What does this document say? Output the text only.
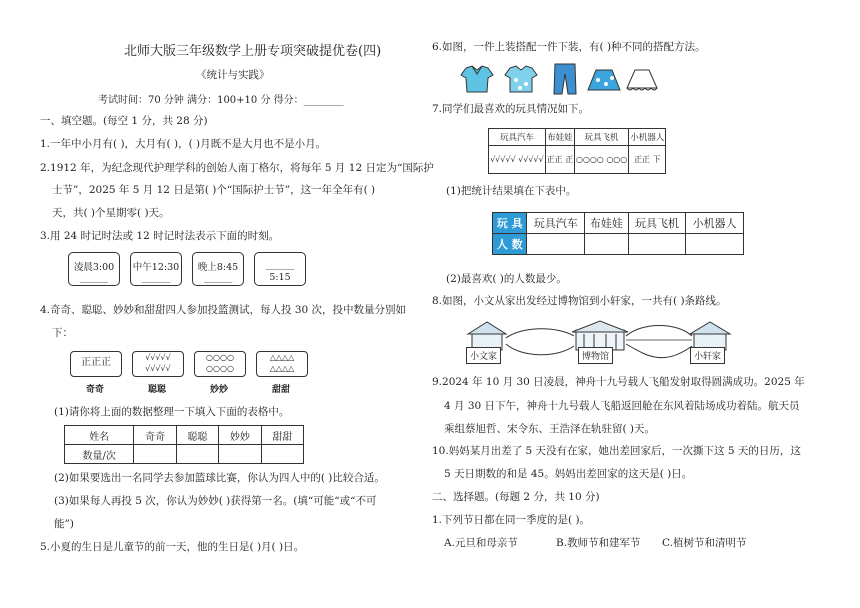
北师大版三年级数学上册专项突破提优卷(四)
《统计与实践》
考试时间：70 分钟 满分：100+10 分 得分：________
一、填空题。(每空 1 分，共 28 分)
1.一年中小月有( )，大月有( )，( )月既不是大月也不是小月。
2.1912 年，为纪念现代护理学科的创始人南丁格尔，将每年 5 月 12 日定为“国际护
士节”，2025 年 5 月 12 日是第( )个“国际护士节”，这一年全年有( )
天，共( )个星期零( )天。
3.用 24 时记时法或 12 时记时法表示下面的时刻。
凌晨3:00
______
中午12:30
______
晚上8:45
______
______
5:15
4.奇奇、聪聪、妙妙和甜甜四人参加投篮测试，每人投 30 次，投中数量分别如
下：
正正正	√√√√√ √√√√√
○○○○ ○○○○
△△△△ △△△△
奇奇	聪聪	妙妙	甜甜
(1)请你将上面的数据整理一下填入下面的表格中。
姓名	奇奇	聪聪	妙妙	甜甜
数量/次				
(2)如果要选出一名同学去参加篮球比赛，你认为四人中的( )比较合适。
(3)如果每人再投 5 次，你认为妙妙( )获得第一名。(填“可能“或“不可
能”)
5.小夏的生日是儿童节的前一天，他的生日是( )月( )日。
6.如图，一件上装搭配一件下装，有( )种不同的搭配方法。
7.同学们最喜欢的玩具情况如下。
玩具汽车	布娃娃	玩具飞机	小机器人
√√√√√ √√√√√	正正 正	○○○○ ○○○	正正 下
(1)把统计结果填在下表中。
玩 具	玩具汽车	布娃娃	玩具飞机	小机器人
人 数				
(2)最喜欢( )的人数最少。
8.如图，小文从家出发经过博物馆到小轩家，一共有( )条路线。
小文家	博物馆	小轩家
9.2024 年 10 月 30 日凌晨，神舟十九号载人飞船发射取得圆满成功。2025 年
4 月 30 日下午，神舟十九号载人飞船返回舱在东风着陆场成功着陆。航天员
乘组蔡旭哲、宋令东、王浩泽在轨驻留( )天。
10.妈妈某月出差了 5 天没有在家，她出差回家后，一次撕下这 5 天的日历，这
5 天日期数的和是 45。妈妈出差回家的这天是( )日。
二、选择题。(每题 2 分，共 10 分)
1.下列节日都在同一季度的是( )。
A.元旦和母亲节	B.教师节和建军节 C.植树节和清明节
